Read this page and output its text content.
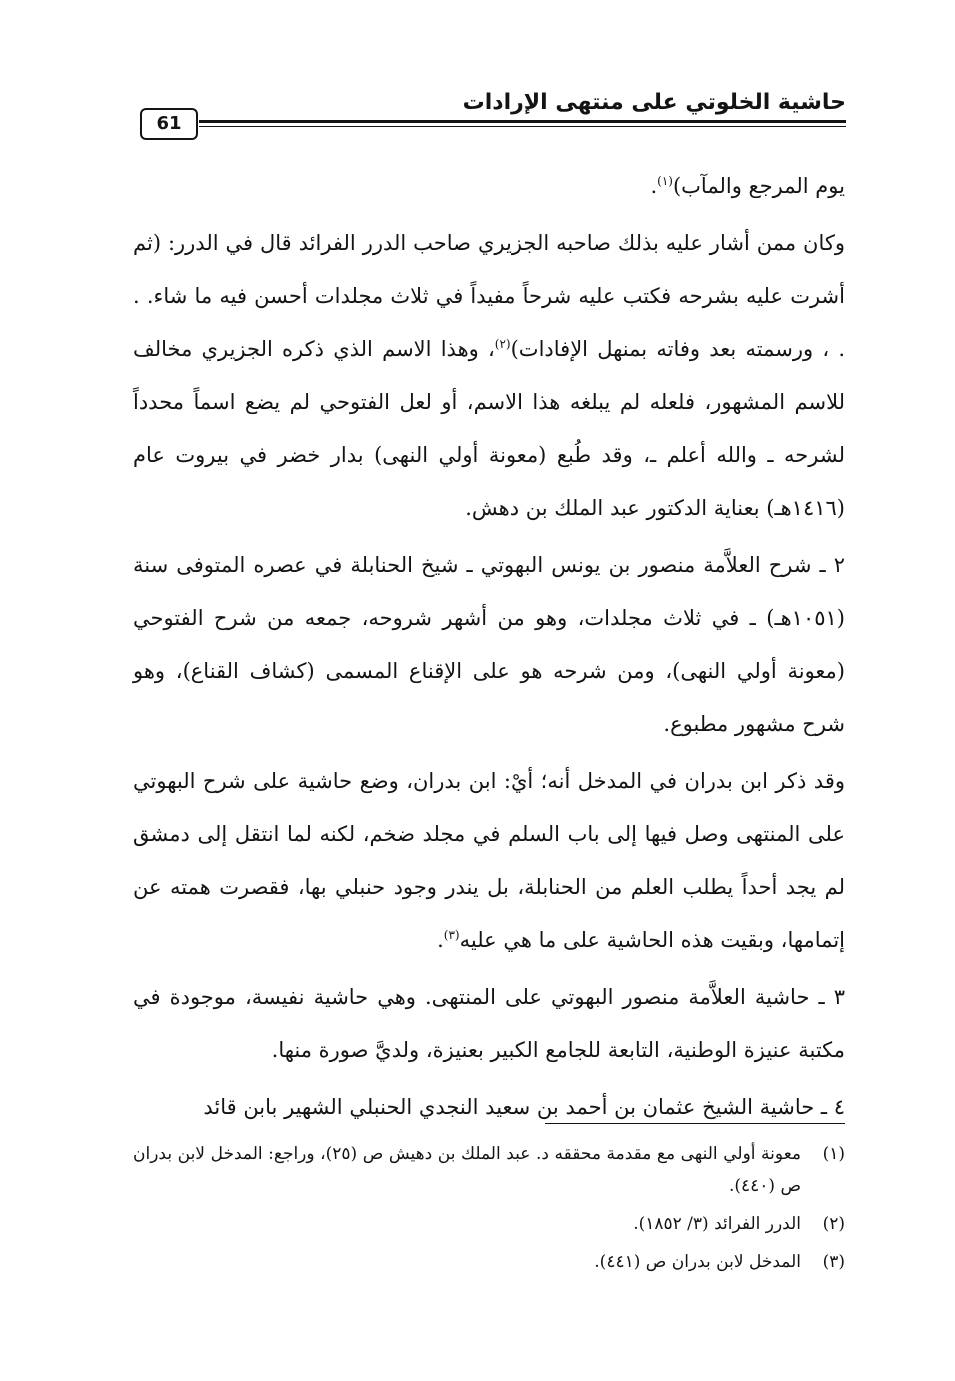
حاشية الخلوتي على منتهى الإرادات
61

يوم المرجع والمآب)$^{(١)}$.

وكان ممن أشار عليه بذلك صاحبه الجزيري صاحب الدرر الفرائد قال في الدرر: (ثم أشرت عليه بشرحه فكتب عليه شرحاً مفيداً في ثلاث مجلدات أحسن فيه ما شاء. . . ، ورسمته بعد وفاته بمنهل الإفادات)$^{(٢)}$، وهذا الاسم الذي ذكره الجزيري مخالف للاسم المشهور، فلعله لم يبلغه هذا الاسم، أو لعل الفتوحي لم يضع اسماً محدداً لشرحه ـ والله أعلم ـ، وقد طُبع (معونة أولي النهى) بدار خضر في بيروت عام (١٤١٦هـ) بعناية الدكتور عبد الملك بن دهش.

٢ ـ شرح العلاَّمة منصور بن يونس البهوتي ـ شيخ الحنابلة في عصره المتوفى سنة (١٠٥١هـ) ـ في ثلاث مجلدات، وهو من أشهر شروحه، جمعه من شرح الفتوحي (معونة أولي النهى)، ومن شرحه هو على الإقناع المسمى (كشاف القناع)، وهو شرح مشهور مطبوع.

وقد ذكر ابن بدران في المدخل أنه؛ أيْ: ابن بدران، وضع حاشية على شرح البهوتي على المنتهى وصل فيها إلى باب السلم في مجلد ضخم، لكنه لما انتقل إلى دمشق لم يجد أحداً يطلب العلم من الحنابلة، بل يندر وجود حنبلي بها، فقصرت همته عن إتمامها، وبقيت هذه الحاشية على ما هي عليه$^{(٣)}$.

٣ ـ حاشية العلاَّمة منصور البهوتي على المنتهى. وهي حاشية نفيسة، موجودة في مكتبة عنيزة الوطنية، التابعة للجامع الكبير بعنيزة، ولديَّ صورة منها.

٤ ـ حاشية الشيخ عثمان بن أحمد بن سعيد النجدي الحنبلي الشهير بابن قائد

(١)
معونة أولي النهى مع مقدمة محققه د. عبد الملك بن دهيش ص (٢٥)، وراجع: المدخل لابن بدران ص (٤٤٠).
(٢)
الدرر الفرائد (٣/ ١٨٥٢).
(٣)
المدخل لابن بدران ص (٤٤١).
